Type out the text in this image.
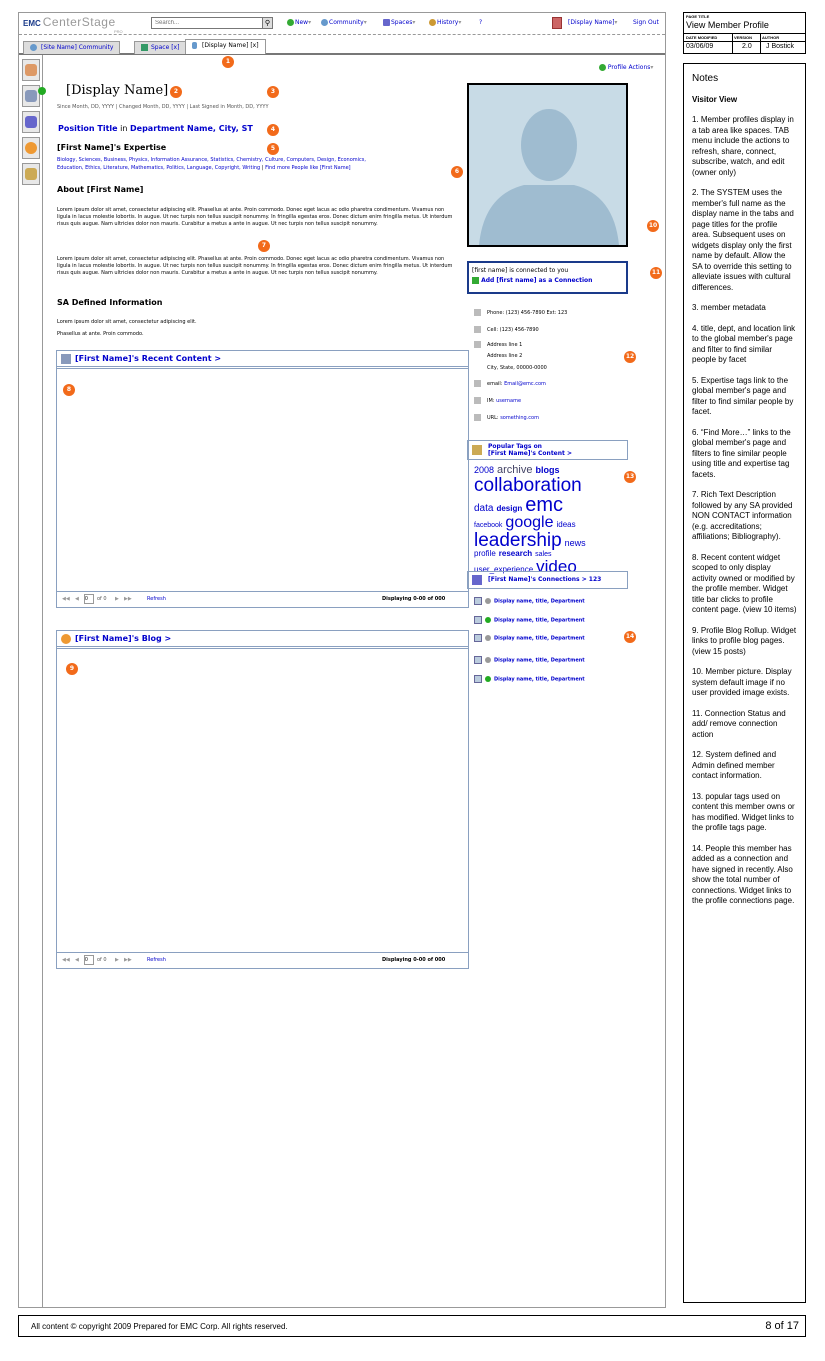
PAGE TITLE
View Member Profile
DATE MODIFIED	VERSION AUTHOR
03/06/09	2.0 J Bostick
EMC CenterStage
PRO
Search...
⚲	New▾	Community▾	Spaces▾	History▾	?	[Display Name]▾	Sign Out
[Site Name] Community	Space [x]	[Display Name] [x]
1
Profile Actions▾
[Display Name] 2	3
Since Month, DD, YYYY | Changed Month, DD, YYYY | Last Signed in Month, DD, YYYY
Position Title in Department Name, City, ST	4
[First Name]'s Expertise	5
Biology, Sciences, Business, Physics, Information Assurance, Statistics, Chemistry, Culture, Computers, Design, Economics,
Education, Ethics, Literature, Mathematics, Politics, Language, Copyright, Writing | Find more People like [First Name]	6
About [First Name]
Lorem ipsum dolor sit amet, consectetur adipiscing elit. Phasellus at ante. Proin commodo. Donec eget lacus ac odio pharetra condimentum. Vivamus non ligula in lacus molestie lobortis. In augue. Ut nec turpis non tellus suscipit nonummy. In fringilla egestas eros. Donec dictum enim fringilla metus. Ut interdum risus quis augue. Nam ultricies dolor non mauris. Curabitur a metus a ante in augue. Ut nec turpis non tellus suscipit nonummy.
7
Lorem ipsum dolor sit amet, consectetur adipiscing elit. Phasellus at ante. Proin commodo. Donec eget lacus ac odio pharetra condimentum. Vivamus non ligula in lacus molestie lobortis. In augue. Ut nec turpis non tellus suscipit nonummy. In fringilla egestas eros. Donec dictum enim fringilla metus. Ut interdum risus quis augue. Nam ultricies dolor non mauris. Curabitur a metus a ante in augue. Ut nec turpis non tellus suscipit nonummy.
SA Defined Information
Lorem ipsum dolor sit amet, consectetur adipiscing elit.
Phasellus at ante. Proin commodo.
[First Name]'s Recent Content >
8
◀◀ ◀
0	of 0 ▶ ▶▶	Refresh	Displaying 0-00 of 000
[First Name]'s Blog >
9
◀◀ ◀
0	of 0 ▶ ▶▶	Refresh	Displaying 0-00 of 000
10
[first name] is connected to you
Add [first name] as a Connection
11
Phone: (123) 456-7890 Ext: 123
Cell: (123) 456-7890
Address line 1
Address line 2
City, State, 00000-0000
12
email: Email@emc.com
IM: username
URL: something.com
Popular Tags on
[First Name]'s Content >
13
2008 archive blogs
collaboration
data design emc
facebook google ideas
leadership news
profile research sales
user_experience video
[First Name]'s Connections > 123
Display name, title, Department
Display name, title, Department
Display name, title, Department
Display name, title, Department
Display name, title, Department
14

Notes

Visitor View

1. Member profiles display in a tab area like spaces. TAB menu include the actions to refresh, share, connect, subscribe, watch, and edit (owner only)

2. The SYSTEM uses the member's full name as the display name in the tabs and page titles for the profile area. Subsequent uses on widgets display only the first name by default. Allow the SA to override this setting to alleviate issues with cultural differences.

3. member metadata

4. title, dept, and location link to the global member's page and filter to find similar people by facet

5. Expertise tags link to the global member's page and filter to find similar people by facet.

6. “Find More…” links to the global member's page and filters to fine similar people using title and expertise tag facets.

7. Rich Text Description followed by any SA provided NON CONTACT information (e.g. accreditations; affiliations; Bibliography).

8. Recent content widget scoped to only display activity owned or modified by the profile member. Widget title bar clicks to profile content page. (view 10 items)

9. Profile Blog Rollup. Widget links to profile blog pages. (view 15 posts)

10. Member picture. Display system default image if no user provided image exists.

11. Connection Status and add/ remove connection action

12. System defined and Admin defined member contact information.

13. popular tags used on content this member owns or has modified. Widget links to the profile tags page.

14. People this member has added as a connection and have signed in recently. Also show the total number of connections. Widget links to the profile connections page.

All content © copyright 2009 Prepared for EMC Corp. All rights reserved.	8 of 17
